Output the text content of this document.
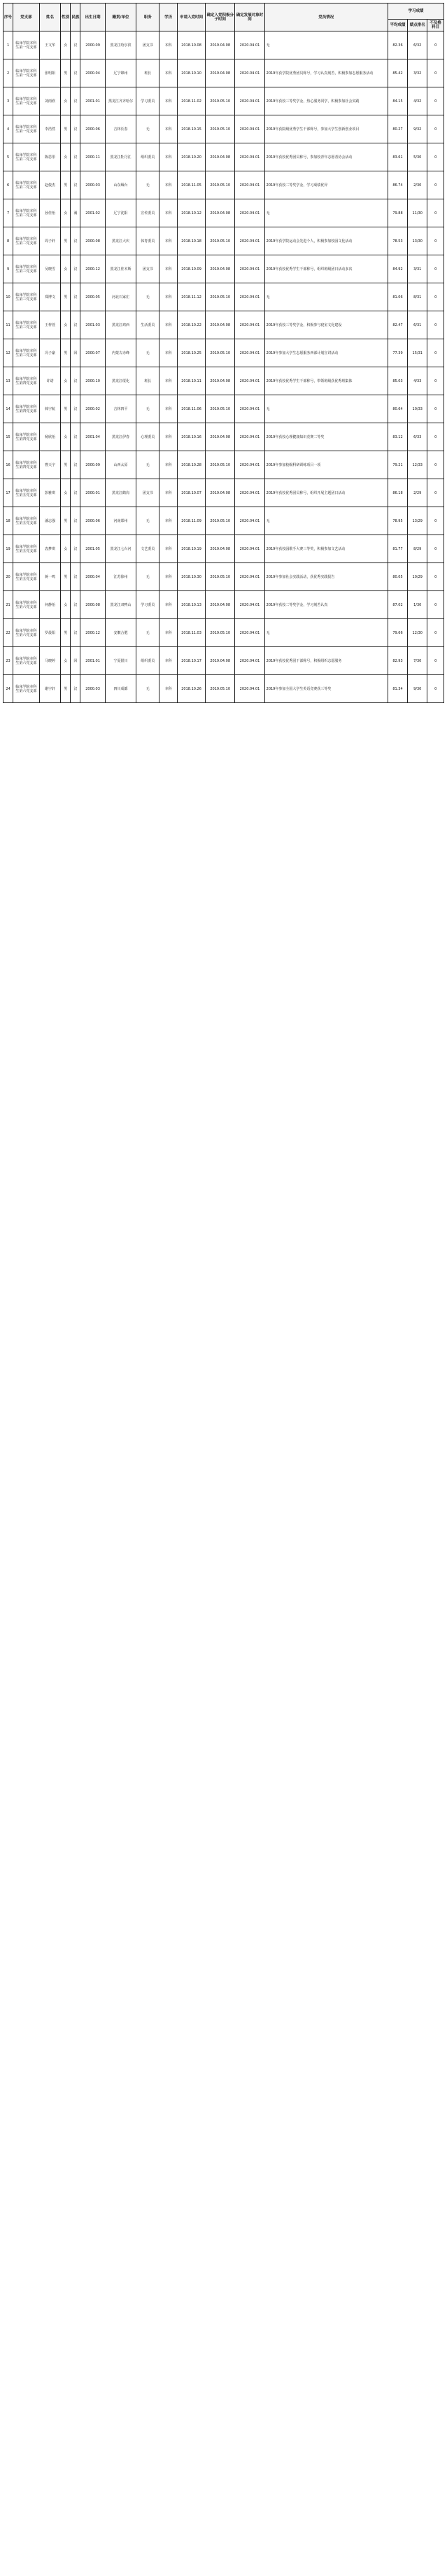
序号	党支部	姓名	性别	民族	出生日期	籍贯/单位	职务	学历	申请入党时间	确定入党积极分子时间	确定发展对象时间	党员情况	学习成绩		
													平均成绩	绩点排名	不及格科目
1	临床学院本科生第一党支部	王文华	女	汉	2000.09	黑龙江哈尔滨	团支书	本科	2018.10.08	2019.04.08	2020.04.01	无	82.36	6/32	0
2	临床学院本科生第一党支部	张明阳	男	汉	2000.04	辽宁锦州	班长	本科	2018.10.10	2019.04.08	2020.04.01	2019年获学院优秀团员称号，学习认真刻苦，积极参加志愿服务活动	85.42	3/32	0
3	临床学院本科生第一党支部	刘雨欣	女	汉	2001.01	黑龙江齐齐哈尔	学习委员	本科	2018.11.02	2019.05.10	2020.04.01	2019年获校三等奖学金，热心服务同学，积极参加社会实践	84.15	4/32	0
4	临床学院本科生第一党支部	李浩然	男	汉	2000.06	吉林长春	无	本科	2018.10.15	2019.05.10	2020.04.01	2019年获院级优秀学生干部称号，参加大学生创新创业项目	80.27	9/32	0
5	临床学院本科生第二党支部	陈思彤	女	汉	2000.11	黑龙江牡丹江	组织委员	本科	2018.10.20	2019.04.08	2020.04.01	2019年获校优秀团员称号，参加校青年志愿者协会活动	83.61	5/30	0
6	临床学院本科生第二党支部	赵俊杰	男	汉	2000.03	山东烟台	无	本科	2018.11.05	2019.05.10	2020.04.01	2019年获校二等奖学金，学习成绩优异	86.74	2/30	0
7	临床学院本科生第二党支部	孙佳怡	女	满	2001.02	辽宁沈阳	宣传委员	本科	2018.10.12	2019.04.08	2020.04.01	无	79.88	11/30	0
8	临床学院本科生第二党支部	周子轩	男	汉	2000.08	黑龙江大庆	体育委员	本科	2018.10.18	2019.05.10	2020.04.01	2019年获学院运动会先进个人，积极参加校园文化活动	78.53	13/30	0
9	临床学院本科生第三党支部	吴晓雪	女	汉	2000.12	黑龙江佳木斯	团支书	本科	2018.10.09	2019.04.08	2020.04.01	2019年获校优秀学生干部称号，组织班级团日活动多次	84.92	3/31	0
10	临床学院本科生第三党支部	郑博文	男	汉	2000.05	河北石家庄	无	本科	2018.11.12	2019.05.10	2020.04.01	无	81.06	8/31	0
11	临床学院本科生第三党支部	王梓萱	女	汉	2001.03	黑龙江鸡西	生活委员	本科	2018.10.22	2019.04.08	2020.04.01	2019年获校三等奖学金，积极参与寝室文化建设	82.47	6/31	0
12	临床学院本科生第三党支部	冯子豪	男	回	2000.07	内蒙古赤峰	无	本科	2018.10.25	2019.05.10	2020.04.01	2019年参加大学生志愿服务西部计划宣讲活动	77.39	15/31	0
13	临床学院本科生第四党支部	许诺	女	汉	2000.10	黑龙江绥化	班长	本科	2018.10.11	2019.04.08	2020.04.01	2019年获校优秀学生干部称号，带领班级获优秀班集体	85.03	4/33	0
14	临床学院本科生第四党支部	韩宇航	男	汉	2000.02	吉林四平	无	本科	2018.11.06	2019.05.10	2020.04.01	无	80.64	10/33	0
15	临床学院本科生第四党支部	杨欣怡	女	汉	2001.04	黑龙江伊春	心理委员	本科	2018.10.16	2019.04.08	2020.04.01	2019年获校心理健康知识竞赛二等奖	83.12	6/33	0
16	临床学院本科生第四党支部	曹天宇	男	汉	2000.09	山西太原	无	本科	2018.10.28	2019.05.10	2020.04.01	2019年参加校级科研训练项目一项	79.21	12/33	0
17	临床学院本科生第五党支部	彭雅琪	女	汉	2000.01	黑龙江鹤岗	团支书	本科	2018.10.07	2019.04.08	2020.04.01	2019年获校优秀团员称号，组织开展主题团日活动	86.18	2/29	0
18	临床学院本科生第五党支部	潘志强	男	汉	2000.06	河南郑州	无	本科	2018.11.09	2019.05.10	2020.04.01	无	78.95	13/29	0
19	临床学院本科生第五党支部	袁梦琪	女	汉	2001.05	黑龙江七台河	文艺委员	本科	2018.10.19	2019.04.08	2020.04.01	2019年获校园歌手大赛三等奖，积极参加文艺活动	81.77	8/29	0
20	临床学院本科生第五党支部	蒋一鸣	男	汉	2000.04	江苏徐州	无	本科	2018.10.30	2019.05.10	2020.04.01	2019年参加社会实践活动，获优秀实践报告	80.05	10/29	0
21	临床学院本科生第六党支部	何静怡	女	汉	2000.08	黑龙江双鸭山	学习委员	本科	2018.10.13	2019.04.08	2020.04.01	2019年获校二等奖学金，学习刻苦认真	87.02	1/30	0
22	临床学院本科生第六党支部	罗晨阳	男	汉	2000.12	安徽合肥	无	本科	2018.11.03	2019.05.10	2020.04.01	无	79.66	12/30	0
23	临床学院本科生第六党支部	马晓婷	女	回	2001.01	宁夏银川	组织委员	本科	2018.10.17	2019.04.08	2020.04.01	2019年获校优秀团干部称号，积极组织志愿服务	82.93	7/30	0
24	临床学院本科生第六党支部	谢宇轩	男	汉	2000.03	四川成都	无	本科	2018.10.26	2019.05.10	2020.04.01	2019年参加全国大学生英语竞赛获三等奖	81.34	9/30	0
